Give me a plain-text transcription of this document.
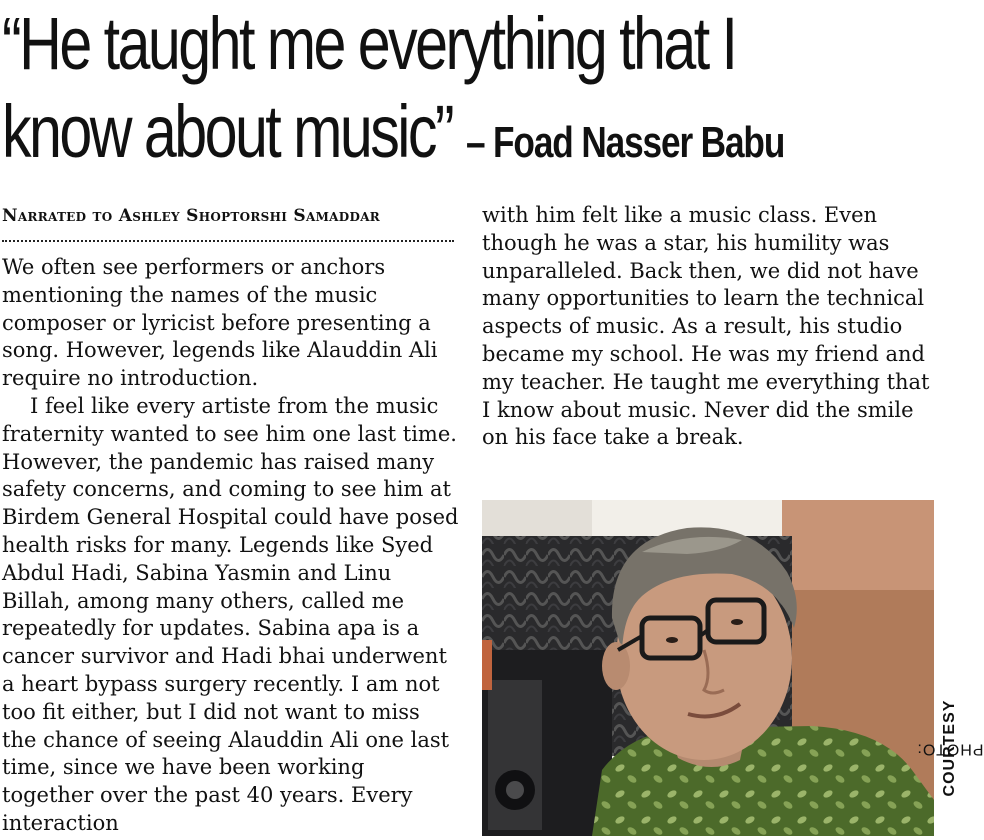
“He taught me everything that I
know about music” – Foad Nasser Babu
Narrated to Ashley Shoptorshi Samaddar

We often see performers or anchors mentioning the names of the music composer or lyricist before presenting a song. However, legends like Alauddin Ali require no introduction.

I feel like every artiste from the music fraternity wanted to see him one last time. However, the pandemic has raised many safety concerns, and coming to see him at Birdem General Hospital could have posed health risks for many. Legends like Syed Abdul Hadi, Sabina Yasmin and Linu Billah, among many others, called me repeatedly for updates. Sabina apa is a cancer survivor and Hadi bhai underwent a heart bypass surgery recently. I am not too fit either, but I did not want to miss the chance of seeing Alauddin Ali one last time, since we have been working together over the past 40 years. Every interaction

with him felt like a music class. Even though he was a star, his humility was unparalleled. Back then, we did not have many opportunities to learn the technical aspects of music. As a result, his studio became my school. He was my friend and my teacher. He taught me everything that I know about music. Never did the smile on his face take a break.

PHOTO:
COURTESY
